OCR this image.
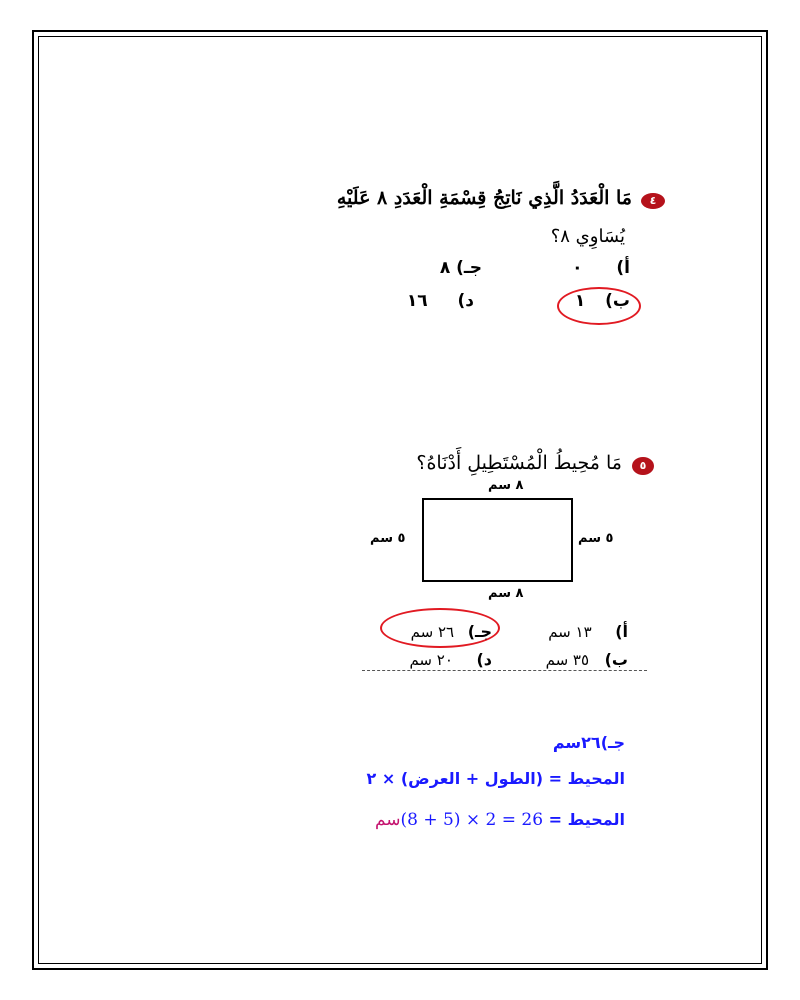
٤
مَا الْعَدَدُ الَّذِي نَاتِجُ قِسْمَةِ الْعَدَدِ ٨ عَلَيْهِ
يُسَاوِي ٨؟
أ)  ٠
جـ) ٨
ب)  ١
د)  ١٦
٥
مَا مُحِيطُ الْمُسْتَطِيلِ أَدْنَاهُ؟
٨ سم
٥ سم	٥ سم
٨ سم
أ)  ١٣ سم
جـ)  ٢٦ سم
ب)  ٣٥ سم
د)  ٢٠ سم
جـ)٢٦سم
المحيط = (الطول + العرض) × ٢
المحيط = (8 + 5) × 2 = 26سم
